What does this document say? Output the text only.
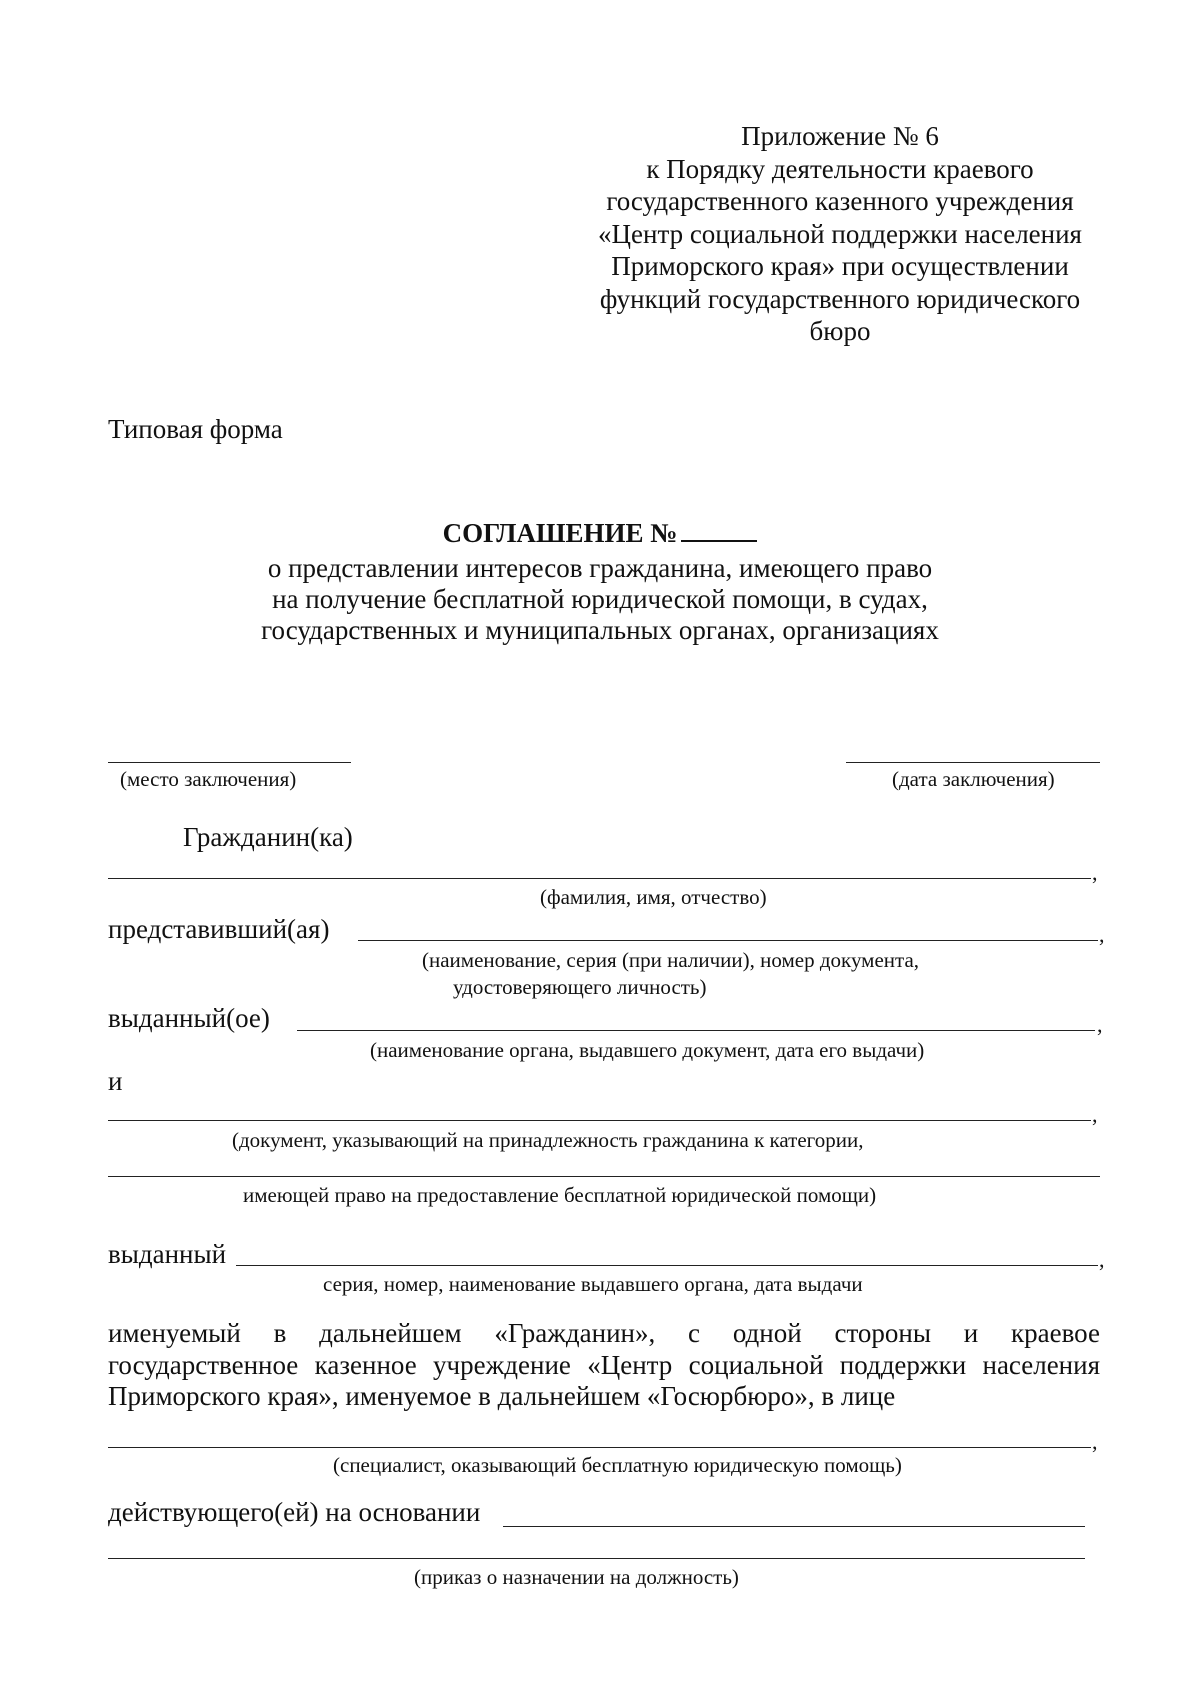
Приложение № 6
к Порядку деятельности краевого
государственного казенного учреждения
«Центр социальной поддержки населения
Приморского края» при осуществлении
функций государственного юридического
бюро
Типовая форма
СОГЛАШЕНИЕ №
о представлении интересов гражданина, имеющего право
на получение бесплатной юридической помощи, в судах,
государственных и муниципальных органах, организациях
(место заключения)	(дата заключения)
Гражданин(ка)
,
(фамилия, имя, отчество)
представивший(ая)	,
(наименование, серия (при наличии), номер документа,
удостоверяющего личность)
выданный(ое)	,
(наименование органа, выдавшего документ, дата его выдачи)
и
,
(документ, указывающий на принадлежность гражданина к категории,
имеющей право на предоставление бесплатной юридической помощи)
выданный	,
серия, номер, наименование выдавшего органа, дата выдачи
именуемый в дальнейшем «Гражданин», с одной стороны и краевое
государственное казенное учреждение «Центр социальной поддержки населения
Приморского края», именуемое в дальнейшем «Госюрбюро», в лице
,
(специалист, оказывающий бесплатную юридическую помощь)
действующего(ей) на основании
(приказ о назначении на должность)
